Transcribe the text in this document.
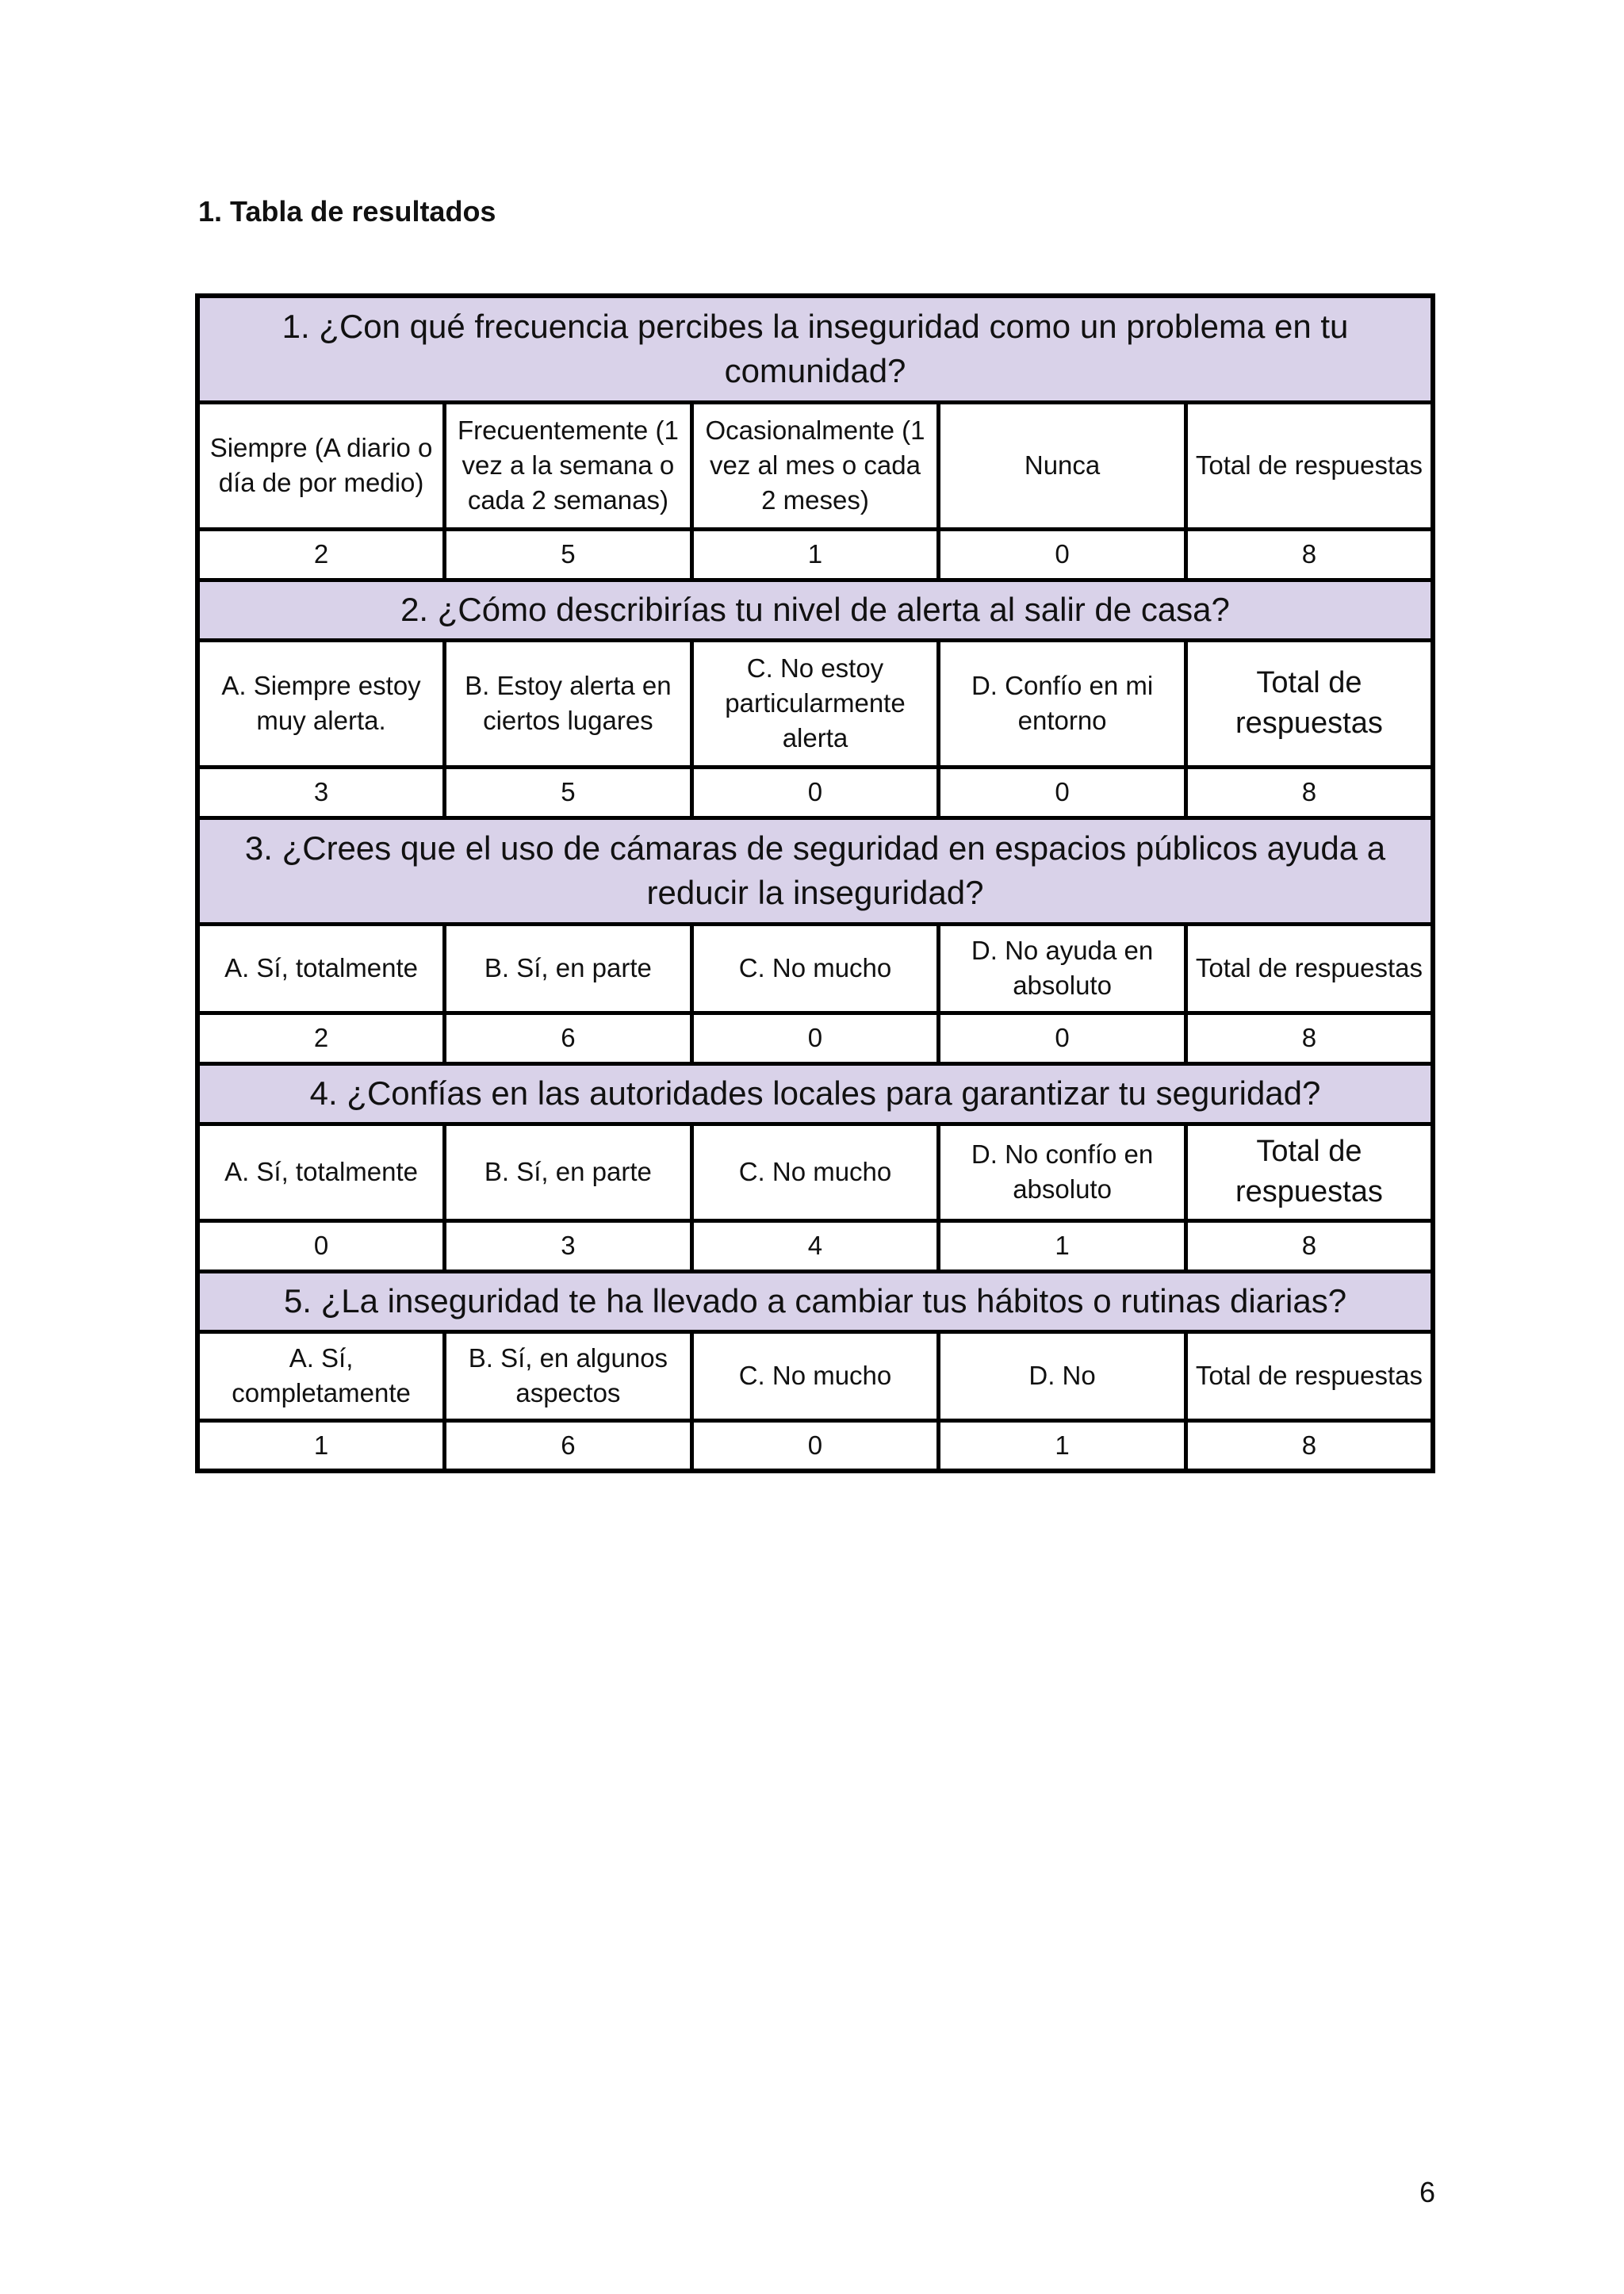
1. Tabla de resultados
1. ¿Con qué frecuencia percibes la inseguridad como un problema en tu comunidad?				
Siempre (A diario o día de por medio)	Frecuentemente (1 vez a la semana o cada 2 semanas)	Ocasionalmente (1 vez al mes o cada 2 meses)	Nunca	Total de respuestas
2	5	1	0	8
2. ¿Cómo describirías tu nivel de alerta al salir de casa?				
A. Siempre estoy muy alerta.	B. Estoy alerta en ciertos lugares	C. No estoy particularmente alerta	D. Confío en mi entorno	Total de respuestas
3	5	0	0	8
3. ¿Crees que el uso de cámaras de seguridad en espacios públicos ayuda a reducir la inseguridad?				
A. Sí, totalmente	B. Sí, en parte	C. No mucho	D. No ayuda en absoluto	Total de respuestas
2	6	0	0	8
4. ¿Confías en las autoridades locales para garantizar tu seguridad?				
A. Sí, totalmente	B. Sí, en parte	C. No mucho	D. No confío en absoluto	Total de respuestas
0	3	4	1	8
5. ¿La inseguridad te ha llevado a cambiar tus hábitos o rutinas diarias?				
A. Sí, completamente	B. Sí, en algunos aspectos	C. No mucho	D. No	Total de respuestas
1	6	0	1	8
6
